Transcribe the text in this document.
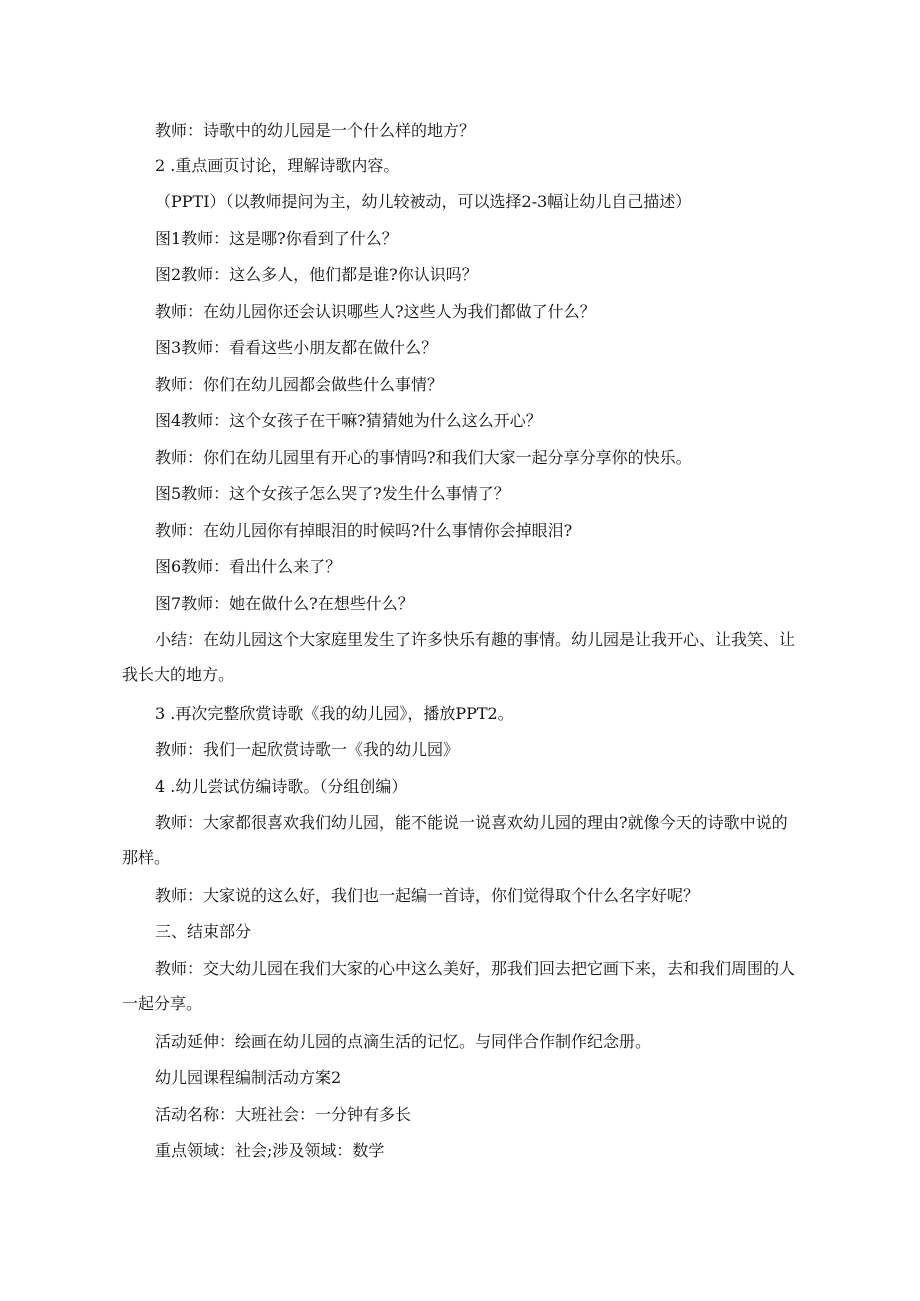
教师：诗歌中的幼儿园是一个什么样的地方？

2 .重点画页讨论，理解诗歌内容。

（PPTI）（以教师提问为主，幼儿较被动，可以选择2-3幅让幼儿自己描述）

图1教师：这是哪?你看到了什么？

图2教师：这么多人，他们都是谁?你认识吗？

教师：在幼儿园你还会认识哪些人?这些人为我们都做了什么？

图3教师：看看这些小朋友都在做什么？

教师：你们在幼儿园都会做些什么事情？

图4教师：这个女孩子在干嘛?猜猜她为什么这么开心？

教师：你们在幼儿园里有开心的事情吗?和我们大家一起分享分享你的快乐。

图5教师：这个女孩子怎么哭了?发生什么事情了？

教师：在幼儿园你有掉眼泪的时候吗?什么事情你会掉眼泪?

图6教师：看出什么来了？

图7教师：她在做什么?在想些什么？

小结：在幼儿园这个大家庭里发生了许多快乐有趣的事情。幼儿园是让我开心、让我笑、让我长大的地方。

3 .再次完整欣赏诗歌《我的幼儿园》，播放PPT2。

教师：我们一起欣赏诗歌一《我的幼儿园》

4 .幼儿尝试仿编诗歌。（分组创编）

教师：大家都很喜欢我们幼儿园，能不能说一说喜欢幼儿园的理由?就像今天的诗歌中说的那样。

教师：大家说的这么好，我们也一起编一首诗，你们觉得取个什么名字好呢？

三、结束部分

教师：交大幼儿园在我们大家的心中这么美好，那我们回去把它画下来，去和我们周围的人一起分享。

活动延伸：绘画在幼儿园的点滴生活的记忆。与同伴合作制作纪念册。

幼儿园课程编制活动方案2

活动名称：大班社会：一分钟有多长

重点领域：社会;涉及领域：数学
